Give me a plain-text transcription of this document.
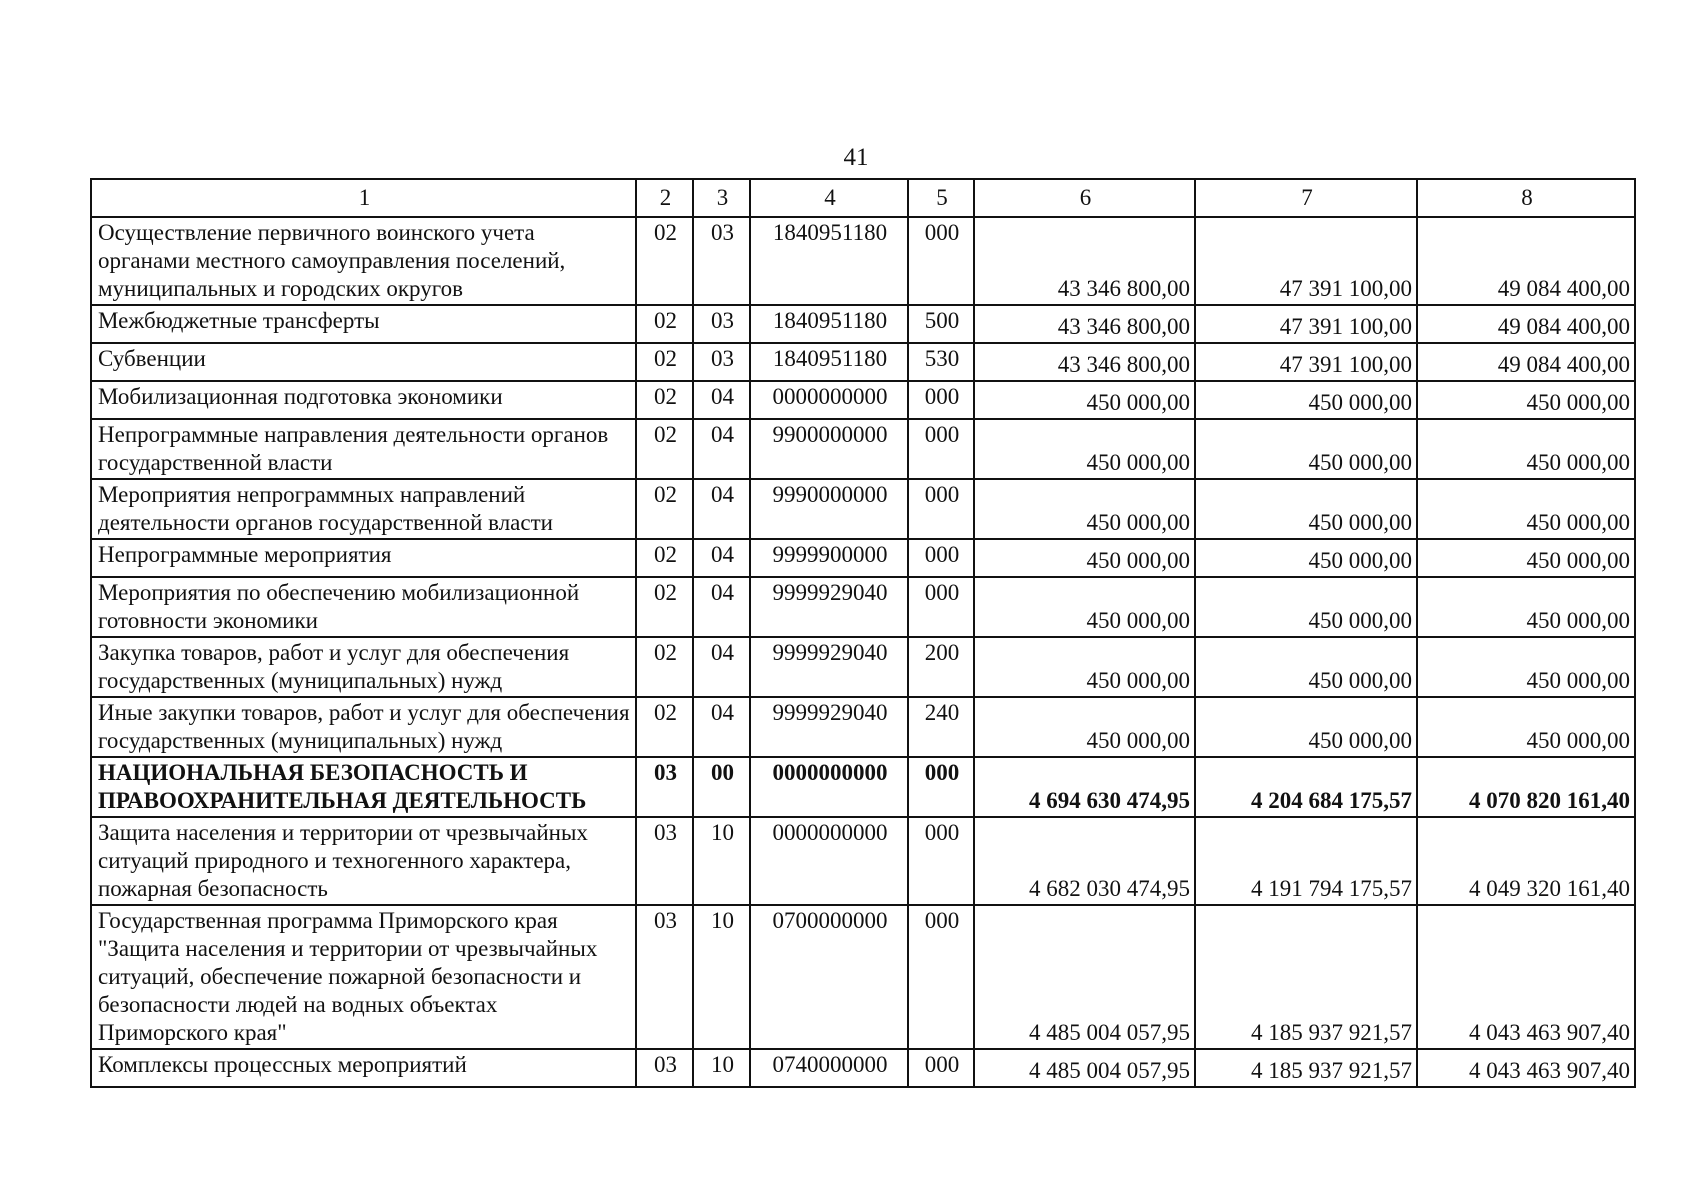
41
1	2	3	4	5	6	7	8
Осуществление первичного воинского учета органами местного самоуправления поселений, муниципальных и городских округов	02	03	1840951180	000	43 346 800,00	47 391 100,00	49 084 400,00
Межбюджетные трансферты	02	03	1840951180	500	43 346 800,00	47 391 100,00	49 084 400,00
Субвенции	02	03	1840951180	530	43 346 800,00	47 391 100,00	49 084 400,00
Мобилизационная подготовка экономики	02	04	0000000000	000	450 000,00	450 000,00	450 000,00
Непрограммные направления деятельности органов государственной власти	02	04	9900000000	000	450 000,00	450 000,00	450 000,00
Мероприятия непрограммных направлений деятельности органов государственной власти	02	04	9990000000	000	450 000,00	450 000,00	450 000,00
Непрограммные мероприятия	02	04	9999900000	000	450 000,00	450 000,00	450 000,00
Мероприятия по обеспечению мобилизационной готовности экономики	02	04	9999929040	000	450 000,00	450 000,00	450 000,00
Закупка товаров, работ и услуг для обеспечения государственных (муниципальных) нужд	02	04	9999929040	200	450 000,00	450 000,00	450 000,00
Иные закупки товаров, работ и услуг для обеспечения государственных (муниципальных) нужд	02	04	9999929040	240	450 000,00	450 000,00	450 000,00
НАЦИОНАЛЬНАЯ БЕЗОПАСНОСТЬ И ПРАВООХРАНИТЕЛЬНАЯ ДЕЯТЕЛЬНОСТЬ	03	00	0000000000	000	4 694 630 474,95	4 204 684 175,57	4 070 820 161,40
Защита населения и территории от чрезвычайных ситуаций природного и техногенного характера, пожарная безопасность	03	10	0000000000	000	4 682 030 474,95	4 191 794 175,57	4 049 320 161,40
Государственная программа Приморского края "Защита населения и территории от чрезвычайных ситуаций, обеспечение пожарной безопасности и безопасности людей на водных объектах Приморского края"	03	10	0700000000	000	4 485 004 057,95	4 185 937 921,57	4 043 463 907,40
Комплексы процессных мероприятий	03	10	0740000000	000	4 485 004 057,95	4 185 937 921,57	4 043 463 907,40
